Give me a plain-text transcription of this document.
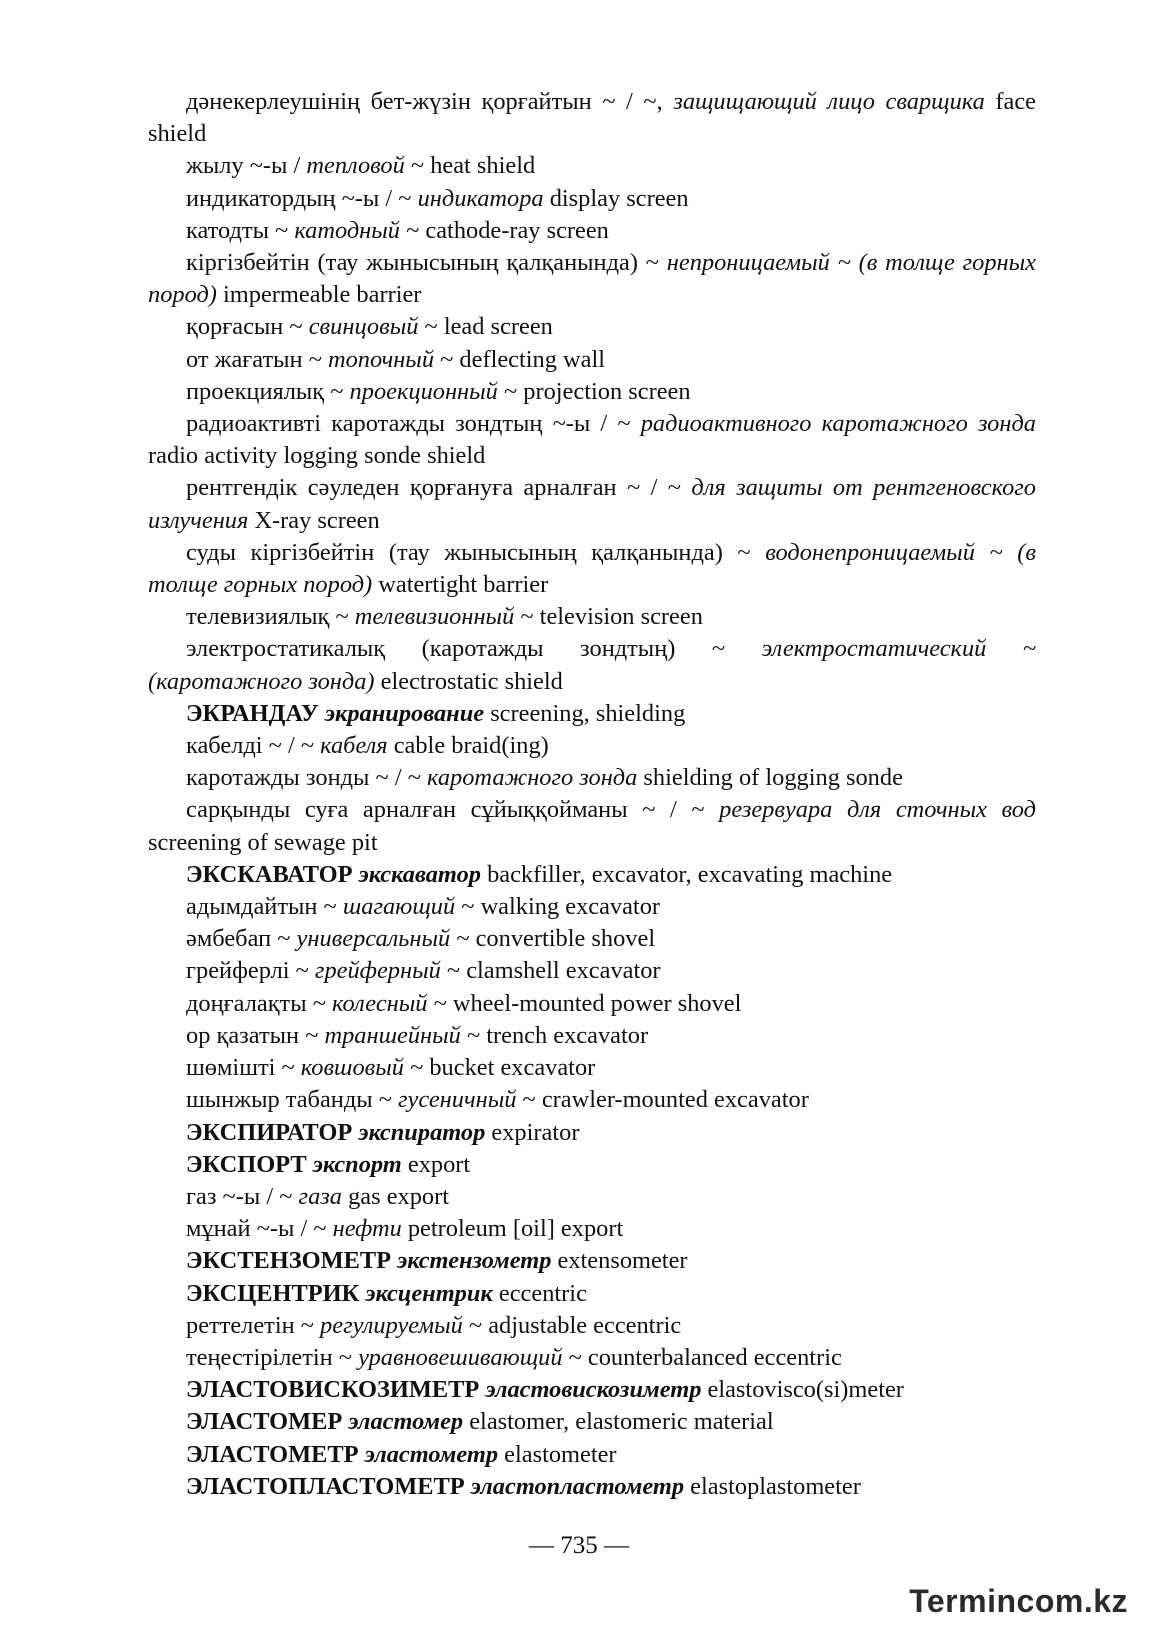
дәнекерлеушінің бет-жүзін қорғайтын ~ / ~, защищающий лицо сварщика face shield

жылу ~-ы / тепловой ~ heat shield

индикатордың ~-ы / ~ индикатора display screen

катодты ~ катодный ~ cathode-ray screen

кіргізбейтін (тау жынысының қалқанында) ~ непроницаемый ~ (в толще горных пород) impermeable barrier

қорғасын ~ свинцовый ~ lead screen

от жағатын ~ топочный ~ deflecting wall

проекциялық ~ проекционный ~ projection screen

радиоактивті каротажды зондтың ~-ы / ~ радиоактивного каротажного зонда radio activity logging sonde shield

рентгендік сәуледен қорғануға арналған ~ / ~ для защиты от рентгеновского излучения X-ray screen

суды кіргізбейтін (тау жынысының қалқанында) ~ водонепроницаемый ~ (в толще горных пород) watertight barrier

телевизиялық ~ телевизионный ~ television screen

электростатикалық (каротажды зондтың) ~ электростатический ~ (каротажного зонда) electrostatic shield

ЭКРАНДАУ экранирование screening, shielding

кабелді ~ / ~ кабеля cable braid(ing)

каротажды зонды ~ / ~ каротажного зонда shielding of logging sonde

сарқынды суға арналған сұйыққойманы ~ / ~ резервуара для сточных вод screening of sewage pit

ЭКСКАВАТОР экскаватор backfiller, excavator, excavating machine

адымдайтын ~ шагающий ~ walking excavator

әмбебап ~ универсальный ~ convertible shovel

грейферлі ~ грейферный ~ clamshell excavator

доңғалақты ~ колесный ~ wheel-mounted power shovel

ор қазатын ~ траншейный ~ trench excavator

шөмішті ~ ковшовый ~ bucket excavator

шынжыр табанды ~ гусеничный ~ crawler-mounted excavator

ЭКСПИРАТОР экспиратор expirator

ЭКСПОРТ экспорт export

газ ~-ы / ~ газа gas export

мұнай ~-ы / ~ нефти petroleum [oil] export

ЭКСТЕНЗОМЕТР экстензометр extensometer

ЭКСЦЕНТРИК эксцентрик eccentric

реттелетін ~ регулируемый ~ adjustable eccentric

теңестірілетін ~ уравновешивающий ~ counterbalanced eccentric

ЭЛАСТОВИСКОЗИМЕТР эластовискозиметр elastovisco(si)meter

ЭЛАСТОМЕР эластомер elastomer, elastomeric material

ЭЛАСТОМЕТР эластометр elastometer

ЭЛАСТОПЛАСТОМЕТР эластопластометр elastoplastometer

— 735 —
Termincom.kz
